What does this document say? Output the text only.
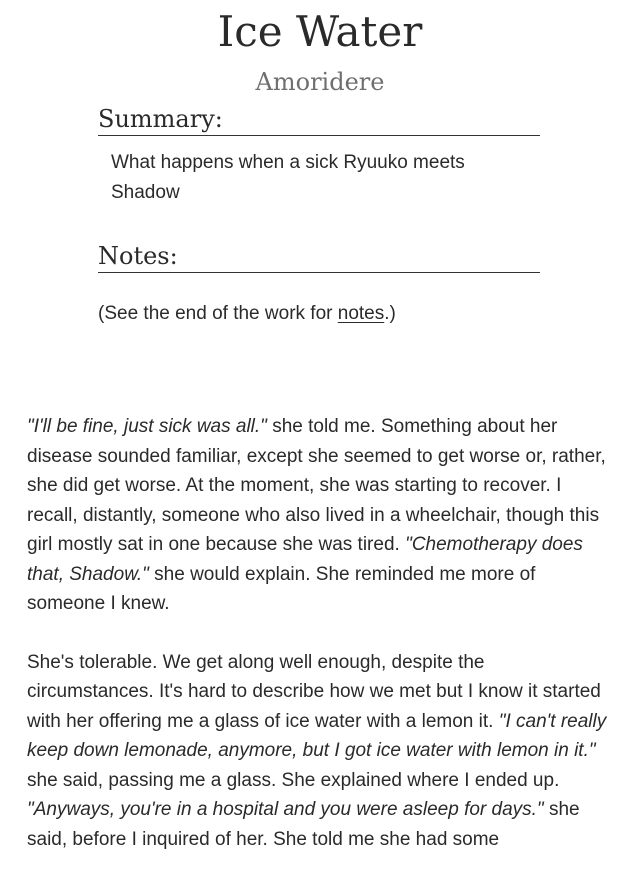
Ice Water
Amoridere
Summary:
What happens when a sick Ryuuko meets Shadow
Notes:
(See the end of the work for notes.)

"I'll be fine, just sick was all." she told me. Something about her disease sounded familiar, except she seemed to get worse or, rather, she did get worse. At the moment, she was starting to recover. I recall, distantly, someone who also lived in a wheelchair, though this girl mostly sat in one because she was tired. "Chemotherapy does that, Shadow." she would explain. She reminded me more of someone I knew.

She's tolerable. We get along well enough, despite the circumstances. It's hard to describe how we met but I know it started with her offering me a glass of ice water with a lemon it. "I can't really keep down lemonade, anymore, but I got ice water with lemon in it." she said, passing me a glass. She explained where I ended up. "Anyways, you're in a hospital and you were asleep for days." she said, before I inquired of her. She told me she had some
